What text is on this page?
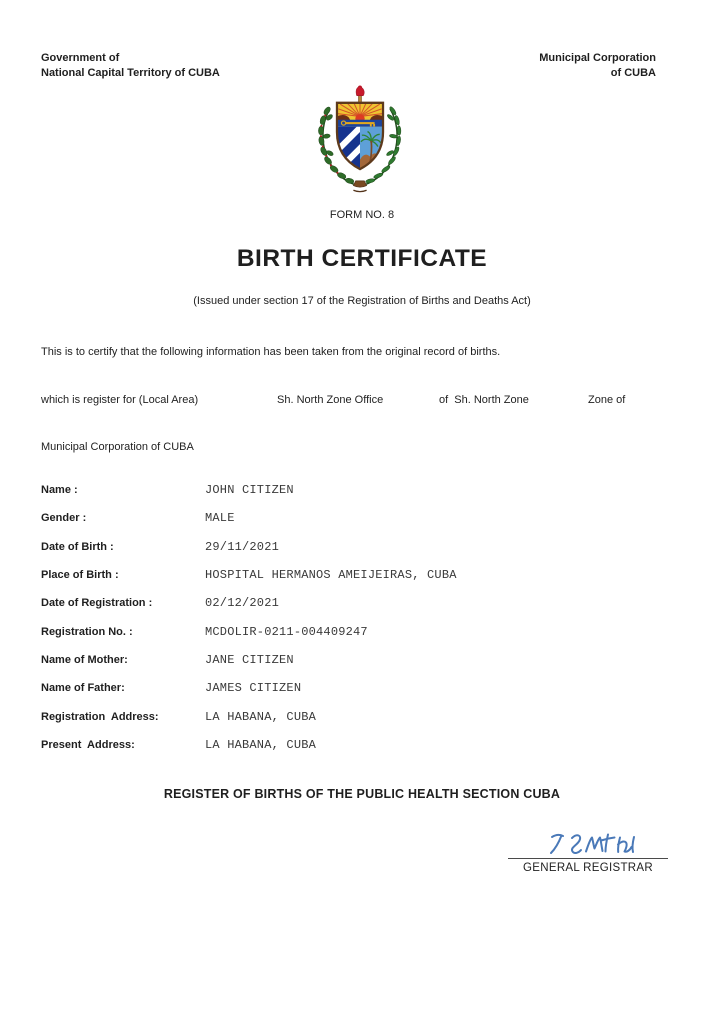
Government of
National Capital Territory of CUBA
Municipal Corporation
of CUBA
FORM NO. 8
BIRTH CERTIFICATE
(Issued under section 17 of the Registration of Births and Deaths Act)
This is to certify that the following information has been taken from the original record of births.
which is register for (Local Area)	Sh. North Zone Office	of  Sh. North Zone	Zone of
Municipal Corporation of CUBA
Name :	JOHN CITIZEN
Gender :	MALE
Date of Birth :	29/11/2021
Place of Birth :	HOSPITAL HERMANOS AMEIJEIRAS, CUBA
Date of Registration :	02/12/2021
Registration No. :	MCDOLIR-0211-004409247
Name of Mother:	JANE CITIZEN
Name of Father:	JAMES CITIZEN
Registration  Address:	LA HABANA, CUBA
Present  Address:	LA HABANA, CUBA
REGISTER OF BIRTHS OF THE PUBLIC HEALTH SECTION CUBA
GENERAL REGISTRAR
